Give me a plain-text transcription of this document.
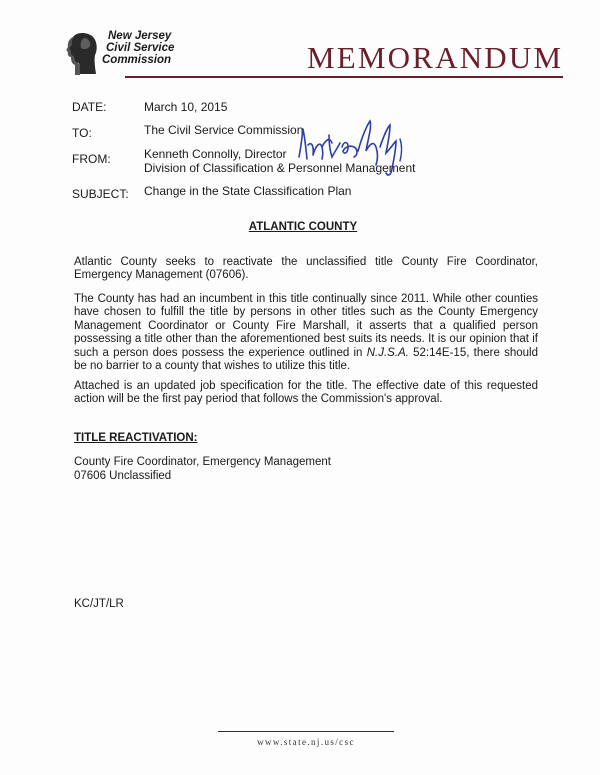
New Jersey
Civil Service
Commission	MEMORANDUM
DATE:	March 10, 2015
TO:	The Civil Service Commission
FROM:	Kenneth Connolly, Director
Division of Classification & Personnel Management
SUBJECT: Change in the State Classification Plan
ATLANTIC COUNTY

Atlantic County seeks to reactivate the unclassified title County Fire Coordinator, Emergency Management (07606).

The County has had an incumbent in this title continually since 2011. While other counties have chosen to fulfill the title by persons in other titles such as the County Emergency Management Coordinator or County Fire Marshall, it asserts that a qualified person possessing a title other than the aforementioned best suits its needs. It is our opinion that if such a person does possess the experience outlined in N.J.S.A. 52:14E-15, there should be no barrier to a county that wishes to utilize this title.

Attached is an updated job specification for the title. The effective date of this requested action will be the first pay period that follows the Commission's approval.

TITLE REACTIVATION:
County Fire Coordinator, Emergency Management
07606 Unclassified
KC/JT/LR
www.state.nj.us/csc
